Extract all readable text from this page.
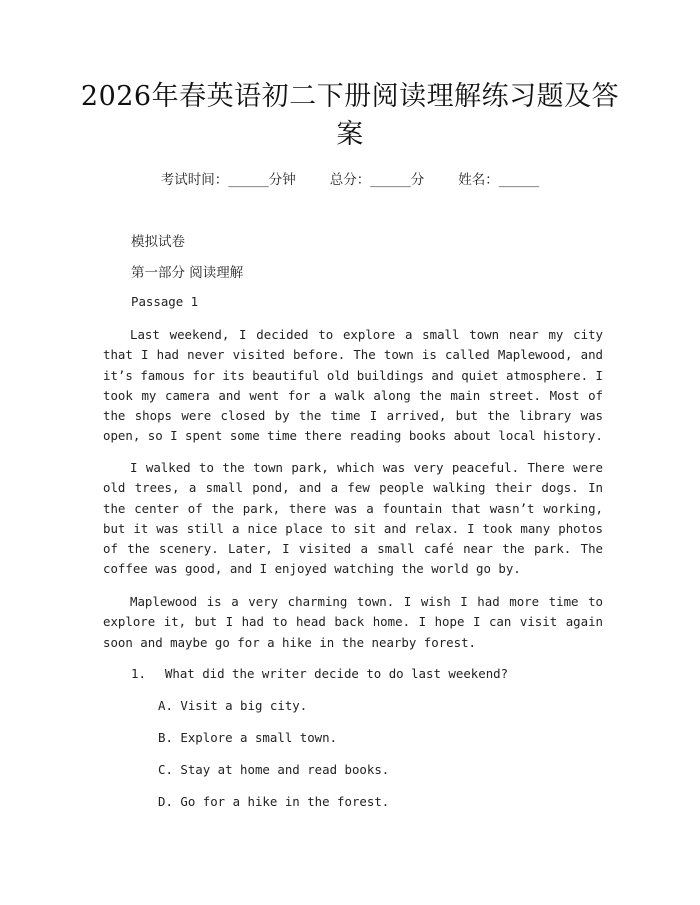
2026年春英语初二下册阅读理解练习题及答
案
考试时间：______分钟	总分：______分	姓名：______
模拟试卷
第一部分 阅读理解
Passage 1
Last weekend, I decided to explore a small town near my city that I had never visited before. The town is called Maplewood, and it’s famous for its beautiful old buildings and quiet atmosphere. I took my camera and went for a walk along the main street. Most of the shops were closed by the time I arrived, but the library was open, so I spent some time there reading books about local history.
I walked to the town park, which was very peaceful. There were old trees, a small pond, and a few people walking their dogs. In the center of the park, there was a fountain that wasn’t working, but it was still a nice place to sit and relax. I took many photos of the scenery. Later, I visited a small café near the park. The coffee was good, and I enjoyed watching the world go by.
Maplewood is a very charming town. I wish I had more time to explore it, but I had to head back home. I hope I can visit again soon and maybe go for a hike in the nearby forest.
1. What did the writer decide to do last weekend?
A. Visit a big city.
B. Explore a small town.
C. Stay at home and read books.
D. Go for a hike in the forest.
